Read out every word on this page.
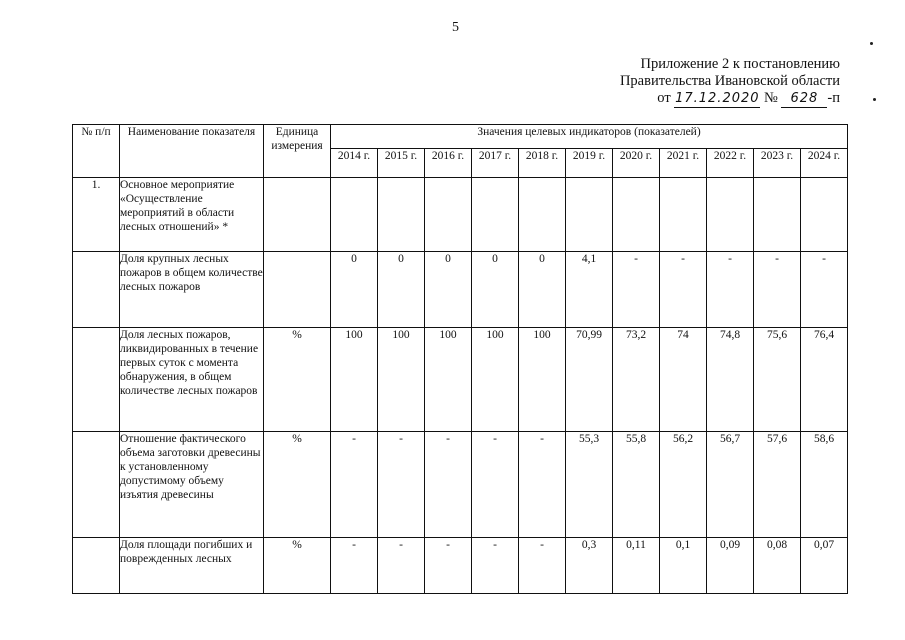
5
Приложение 2 к постановлению
Правительства Ивановской области
от 17.12.2020 № 628 -п
№ п/п	Наименование показателя	Единица измерения	Значения целевых индикаторов (показателей)										
			2014 г.	2015 г.	2016 г.	2017 г.	2018 г.	2019 г.	2020 г.	2021 г.	2022 г.	2023 г.	2024 г.
1.	Основное мероприятие «Осуществление мероприятий в области лесных отношений» *												
	Доля крупных лесных пожаров в общем количестве лесных пожаров		0	0	0	0	0	4,1	-	-	-	-	-
	Доля лесных пожаров, ликвидированных в течение первых суток с момента обнаружения, в общем количестве лесных пожаров	%	100	100	100	100	100	70,99	73,2	74	74,8	75,6	76,4
	Отношение фактического объема заготовки древесины к установленному допустимому объему изъятия древесины	%	-	-	-	-	-	55,3	55,8	56,2	56,7	57,6	58,6
	Доля площади погибших и поврежденных лесных	%	-	-	-	-	-	0,3	0,11	0,1	0,09	0,08	0,07
